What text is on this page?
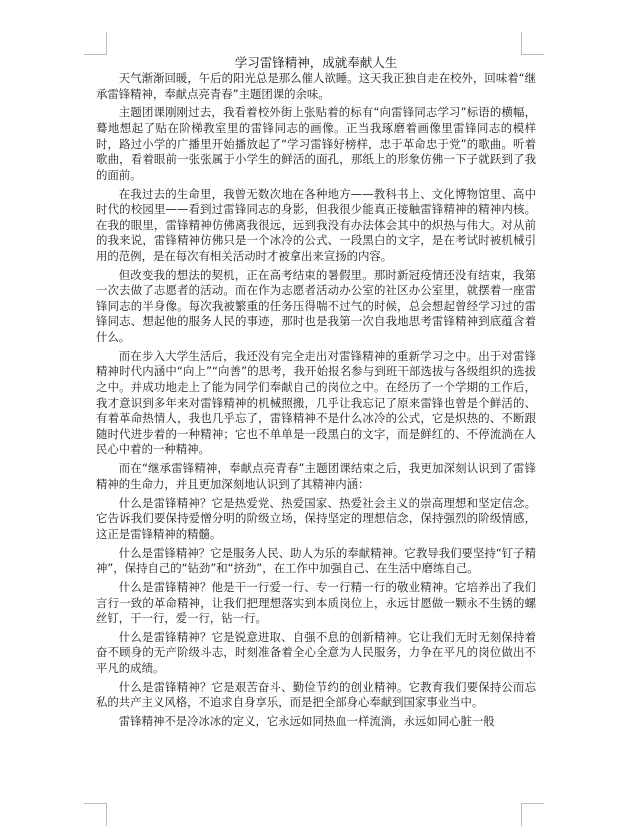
学习雷锋精神，成就奉献人生

天气渐渐回暖，午后的阳光总是那么催人欲睡。这天我正独自走在校外，回味着“继承雷锋精神，奉献点亮青春”主题团课的余味。

主题团课刚刚过去，我看着校外街上张贴着的标有“向雷锋同志学习”标语的横幅，蓦地想起了贴在阶梯教室里的雷锋同志的画像。正当我琢磨着画像里雷锋同志的模样时，路过小学的广播里开始播放起了“学习雷锋好榜样，忠于革命忠于党”的歌曲。听着歌曲，看着眼前一张张属于小学生的鲜活的面孔，那纸上的形象仿佛一下子就跃到了我的面前。

在我过去的生命里，我曾无数次地在各种地方——教科书上、文化博物馆里、高中时代的校园里——看到过雷锋同志的身影，但我很少能真正接触雷锋精神的精神内核。在我的眼里，雷锋精神仿佛离我很远，远到我没有办法体会其中的炽热与伟大。对从前的我来说，雷锋精神仿佛只是一个冰冷的公式、一段黑白的文字，是在考试时被机械引用的范例，是在每次有相关活动时才被拿出来宣扬的内容。

但改变我的想法的契机，正在高考结束的暑假里。那时新冠疫情还没有结束，我第一次去做了志愿者的活动。而在作为志愿者活动办公室的社区办公室里，就摆着一座雷锋同志的半身像。每次我被繁重的任务压得喘不过气的时候，总会想起曾经学习过的雷锋同志、想起他的服务人民的事迹，那时也是我第一次自我地思考雷锋精神到底蕴含着什么。

而在步入大学生活后，我还没有完全走出对雷锋精神的重新学习之中。出于对雷锋精神时代内涵中“向上”“向善”的思考，我开始报名参与到班干部选拔与各级组织的选拔之中。并成功地走上了能为同学们奉献自己的岗位之中。在经历了一个学期的工作后，我才意识到多年来对雷锋精神的机械照搬，几乎让我忘记了原来雷锋也曾是个鲜活的、有着革命热情人，我也几乎忘了，雷锋精神不是什么冰冷的公式，它是炽热的、不断跟随时代进步着的一种精神；它也不单单是一段黑白的文字，而是鲜红的、不停流淌在人民心中着的一种精神。

而在“继承雷锋精神，奉献点亮青春”主题团课结束之后，我更加深刻认识到了雷锋精神的生命力，并且更加深刻地认识到了其精神内涵：

什么是雷锋精神？它是热爱党、热爱国家、热爱社会主义的崇高理想和坚定信念。它告诉我们要保持爱憎分明的阶级立场，保持坚定的理想信念，保持强烈的阶级情感，这正是雷锋精神的精髓。

什么是雷锋精神？它是服务人民、助人为乐的奉献精神。它教导我们要坚持“钉子精神”，保持自己的“钻劲”和“挤劲”，在工作中加强自己、在生活中磨练自己。

什么是雷锋精神？他是干一行爱一行、专一行精一行的敬业精神。它培养出了我们言行一致的革命精神，让我们把理想落实到本质岗位上，永远甘愿做一颗永不生锈的螺丝钉，干一行，爱一行，钻一行。

什么是雷锋精神？它是锐意进取、自强不息的创新精神。它让我们无时无刻保持着奋不顾身的无产阶级斗志，时刻准备着全心全意为人民服务，力争在平凡的岗位做出不平凡的成绩。

什么是雷锋精神？它是艰苦奋斗、勤俭节约的创业精神。它教育我们要保持公而忘私的共产主义风格，不追求自身享乐，而是把全部身心奉献到国家事业当中。

雷锋精神不是冷冰冰的定义，它永远如同热血一样流淌，永远如同心脏一般
